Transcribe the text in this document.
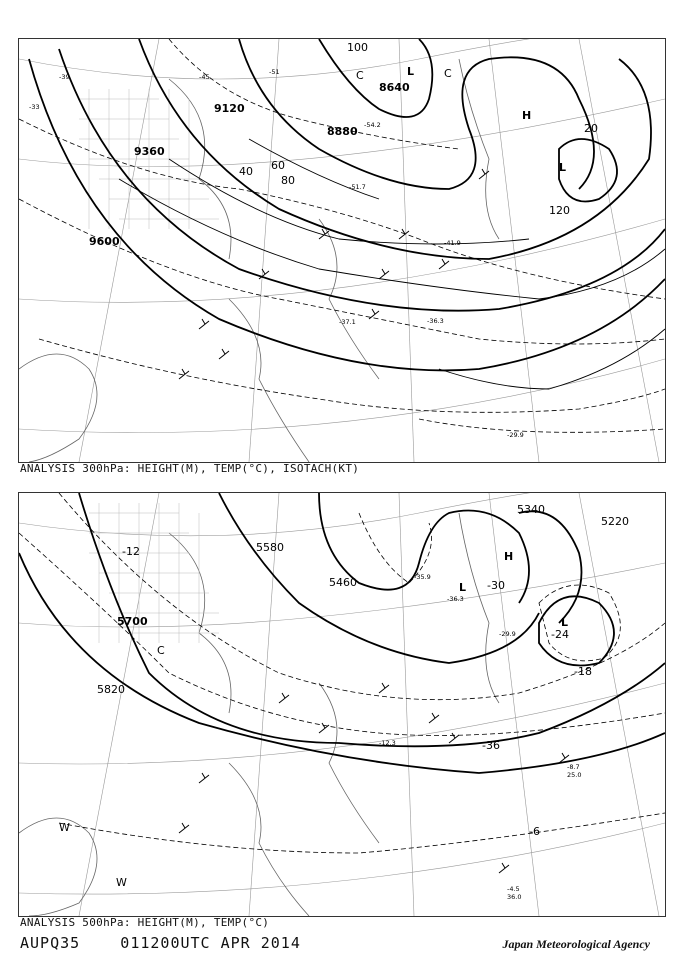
9120
8880
8640
9360
9600
100
80
60
40
20
120
-45
-51
-39
-33
-54.2
-51.7
-41.9
-37.1	-36.3
-29.9
L
H
L
C	C
ANALYSIS 300hPa: HEIGHT(M), TEMP(°C), ISOTACH(KT)
5700
5820
5580
5460
5340
5220
-12
-18
-24
-30
-6
-36
H
L
L
C
W
W	-4.5
36.0
-35.9
-36.3
-29.9
-12.3
-8.7
25.0
ANALYSIS 500hPa: HEIGHT(M), TEMP(°C)
AUPQ35    011200UTC APR 2014	Japan Meteorological Agency
